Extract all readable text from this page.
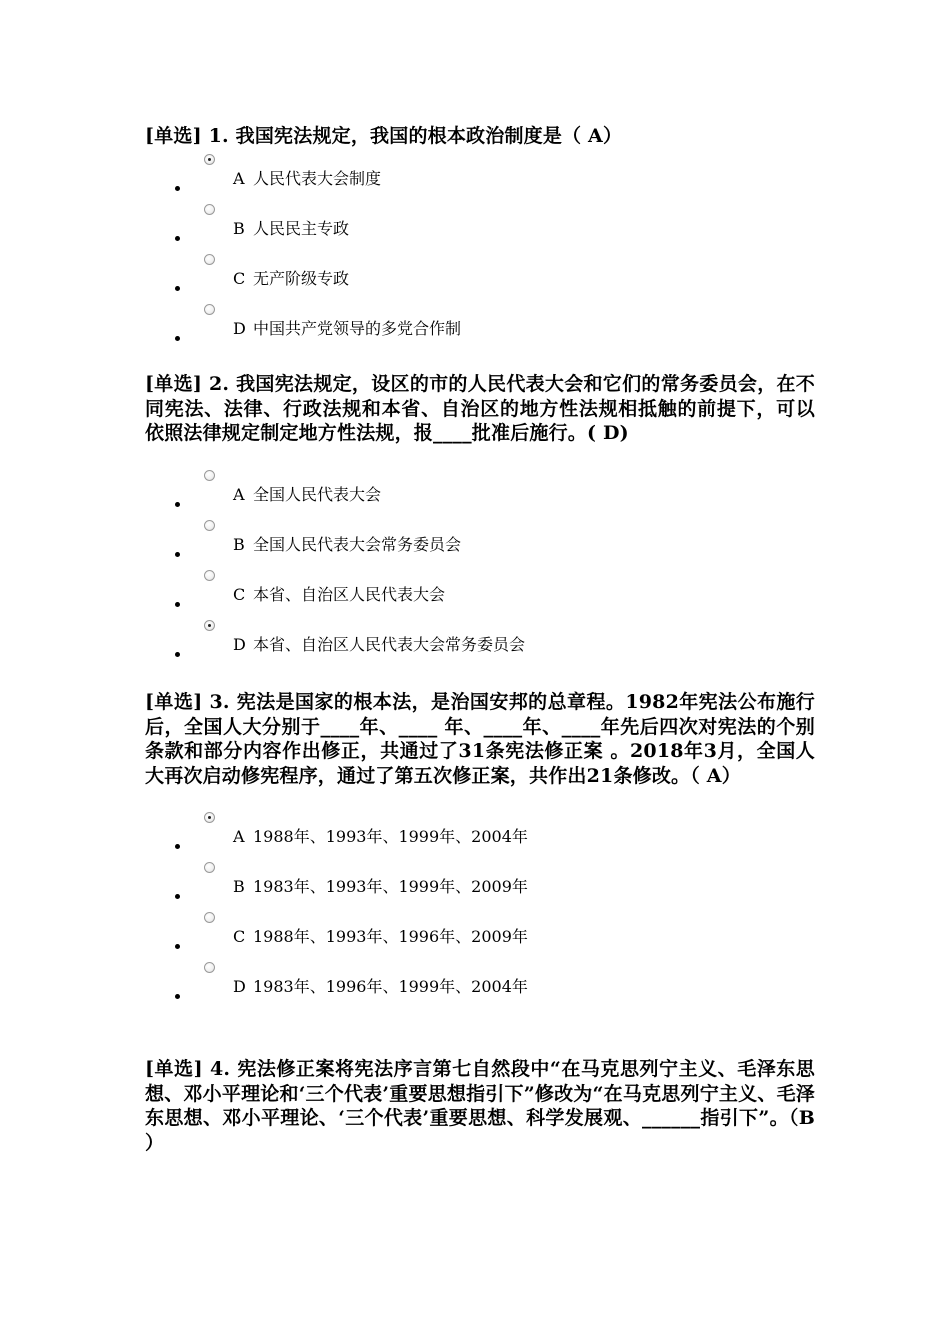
[单选] 1. 我国宪法规定，我国的根本政治制度是（ A）

A 人民代表大会制度
B 人民民主专政
C 无产阶级专政
D 中国共产党领导的多党合作制

[单选] 2. 我国宪法规定，设区的市的人民代表大会和它们的常务委员会，在不同宪法、法律、行政法规和本省、自治区的地方性法规相抵触的前提下，可以依照法律规定制定地方性法规，报____批准后施行。( D)

A 全国人民代表大会
B 全国人民代表大会常务委员会
C 本省、自治区人民代表大会
D 本省、自治区人民代表大会常务委员会

[单选] 3. 宪法是国家的根本法，是治国安邦的总章程。1982年宪法公布施行后，全国人大分别于____年、____ 年、____年、____年先后四次对宪法的个别条款和部分内容作出修正，共通过了31条宪法修正案 。2018年3月，全国人大再次启动修宪程序，通过了第五次修正案，共作出21条修改。（ A）

A 1988年、1993年、1999年、2004年
B 1983年、1993年、1999年、2009年
C 1988年、1993年、1996年、2009年
D 1983年、1996年、1999年、2004年

[单选] 4. 宪法修正案将宪法序言第七自然段中“在马克思列宁主义、毛泽东思想、邓小平理论和‘三个代表’重要思想指引下”修改为“在马克思列宁主义、毛泽东思想、邓小平理论、‘三个代表’重要思想、科学发展观、______指引下”。（B ）
